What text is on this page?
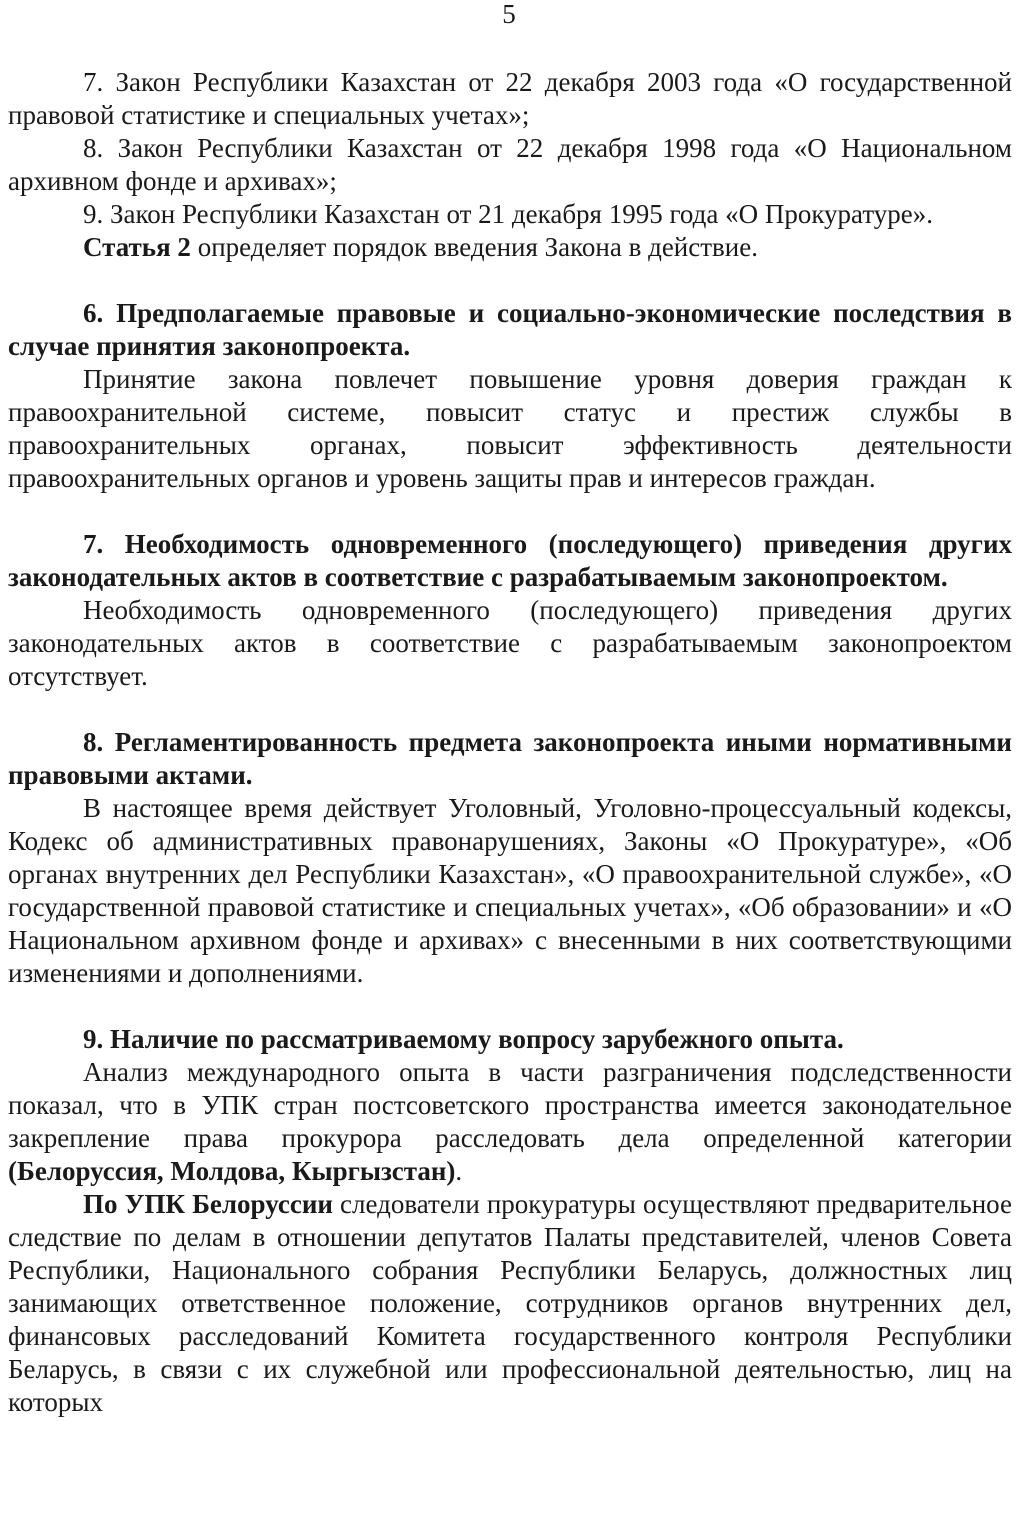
5

7. Закон Республики Казахстан от 22 декабря 2003 года «О государственной правовой статистике и специальных учетах»;

8. Закон Республики Казахстан от 22 декабря 1998 года «О Национальном архивном фонде и архивах»;

9. Закон Республики Казахстан от 21 декабря 1995 года «О Прокуратуре».

Статья 2 определяет порядок введения Закона в действие.

6. Предполагаемые правовые и социально-экономические последствия в случае принятия законопроекта.

Принятие закона повлечет повышение уровня доверия граждан к правоохранительной системе, повысит статус и престиж службы в правоохранительных органах, повысит эффективность деятельности правоохранительных органов и уровень защиты прав и интересов граждан.

7. Необходимость одновременного (последующего) приведения других законодательных актов в соответствие с разрабатываемым законопроектом.

Необходимость одновременного (последующего) приведения других законодательных актов в соответствие с разрабатываемым законопроектом отсутствует.

8. Регламентированность предмета законопроекта иными нормативными правовыми актами.

В настоящее время действует Уголовный, Уголовно-процессуальный кодексы, Кодекс об административных правонарушениях, Законы «О Прокуратуре», «Об органах внутренних дел Республики Казахстан», «О правоохранительной службе», «О государственной правовой статистике и специальных учетах», «Об образовании» и «О Национальном архивном фонде и архивах» с внесенными в них соответствующими изменениями и дополнениями.

9. Наличие по рассматриваемому вопросу зарубежного опыта.

Анализ международного опыта в части разграничения подследственности показал, что в УПК стран постсоветского пространства имеется законодательное закрепление права прокурора расследовать дела определенной категории (Белоруссия, Молдова, Кыргызстан).

По УПК Белоруссии следователи прокуратуры осуществляют предварительное следствие по делам в отношении депутатов Палаты представителей, членов Совета Республики, Национального собрания Республики Беларусь, должностных лиц занимающих ответственное положение, сотрудников органов внутренних дел, финансовых расследований Комитета государственного контроля Республики Беларусь, в связи с их служебной или профессиональной деятельностью, лиц на которых
